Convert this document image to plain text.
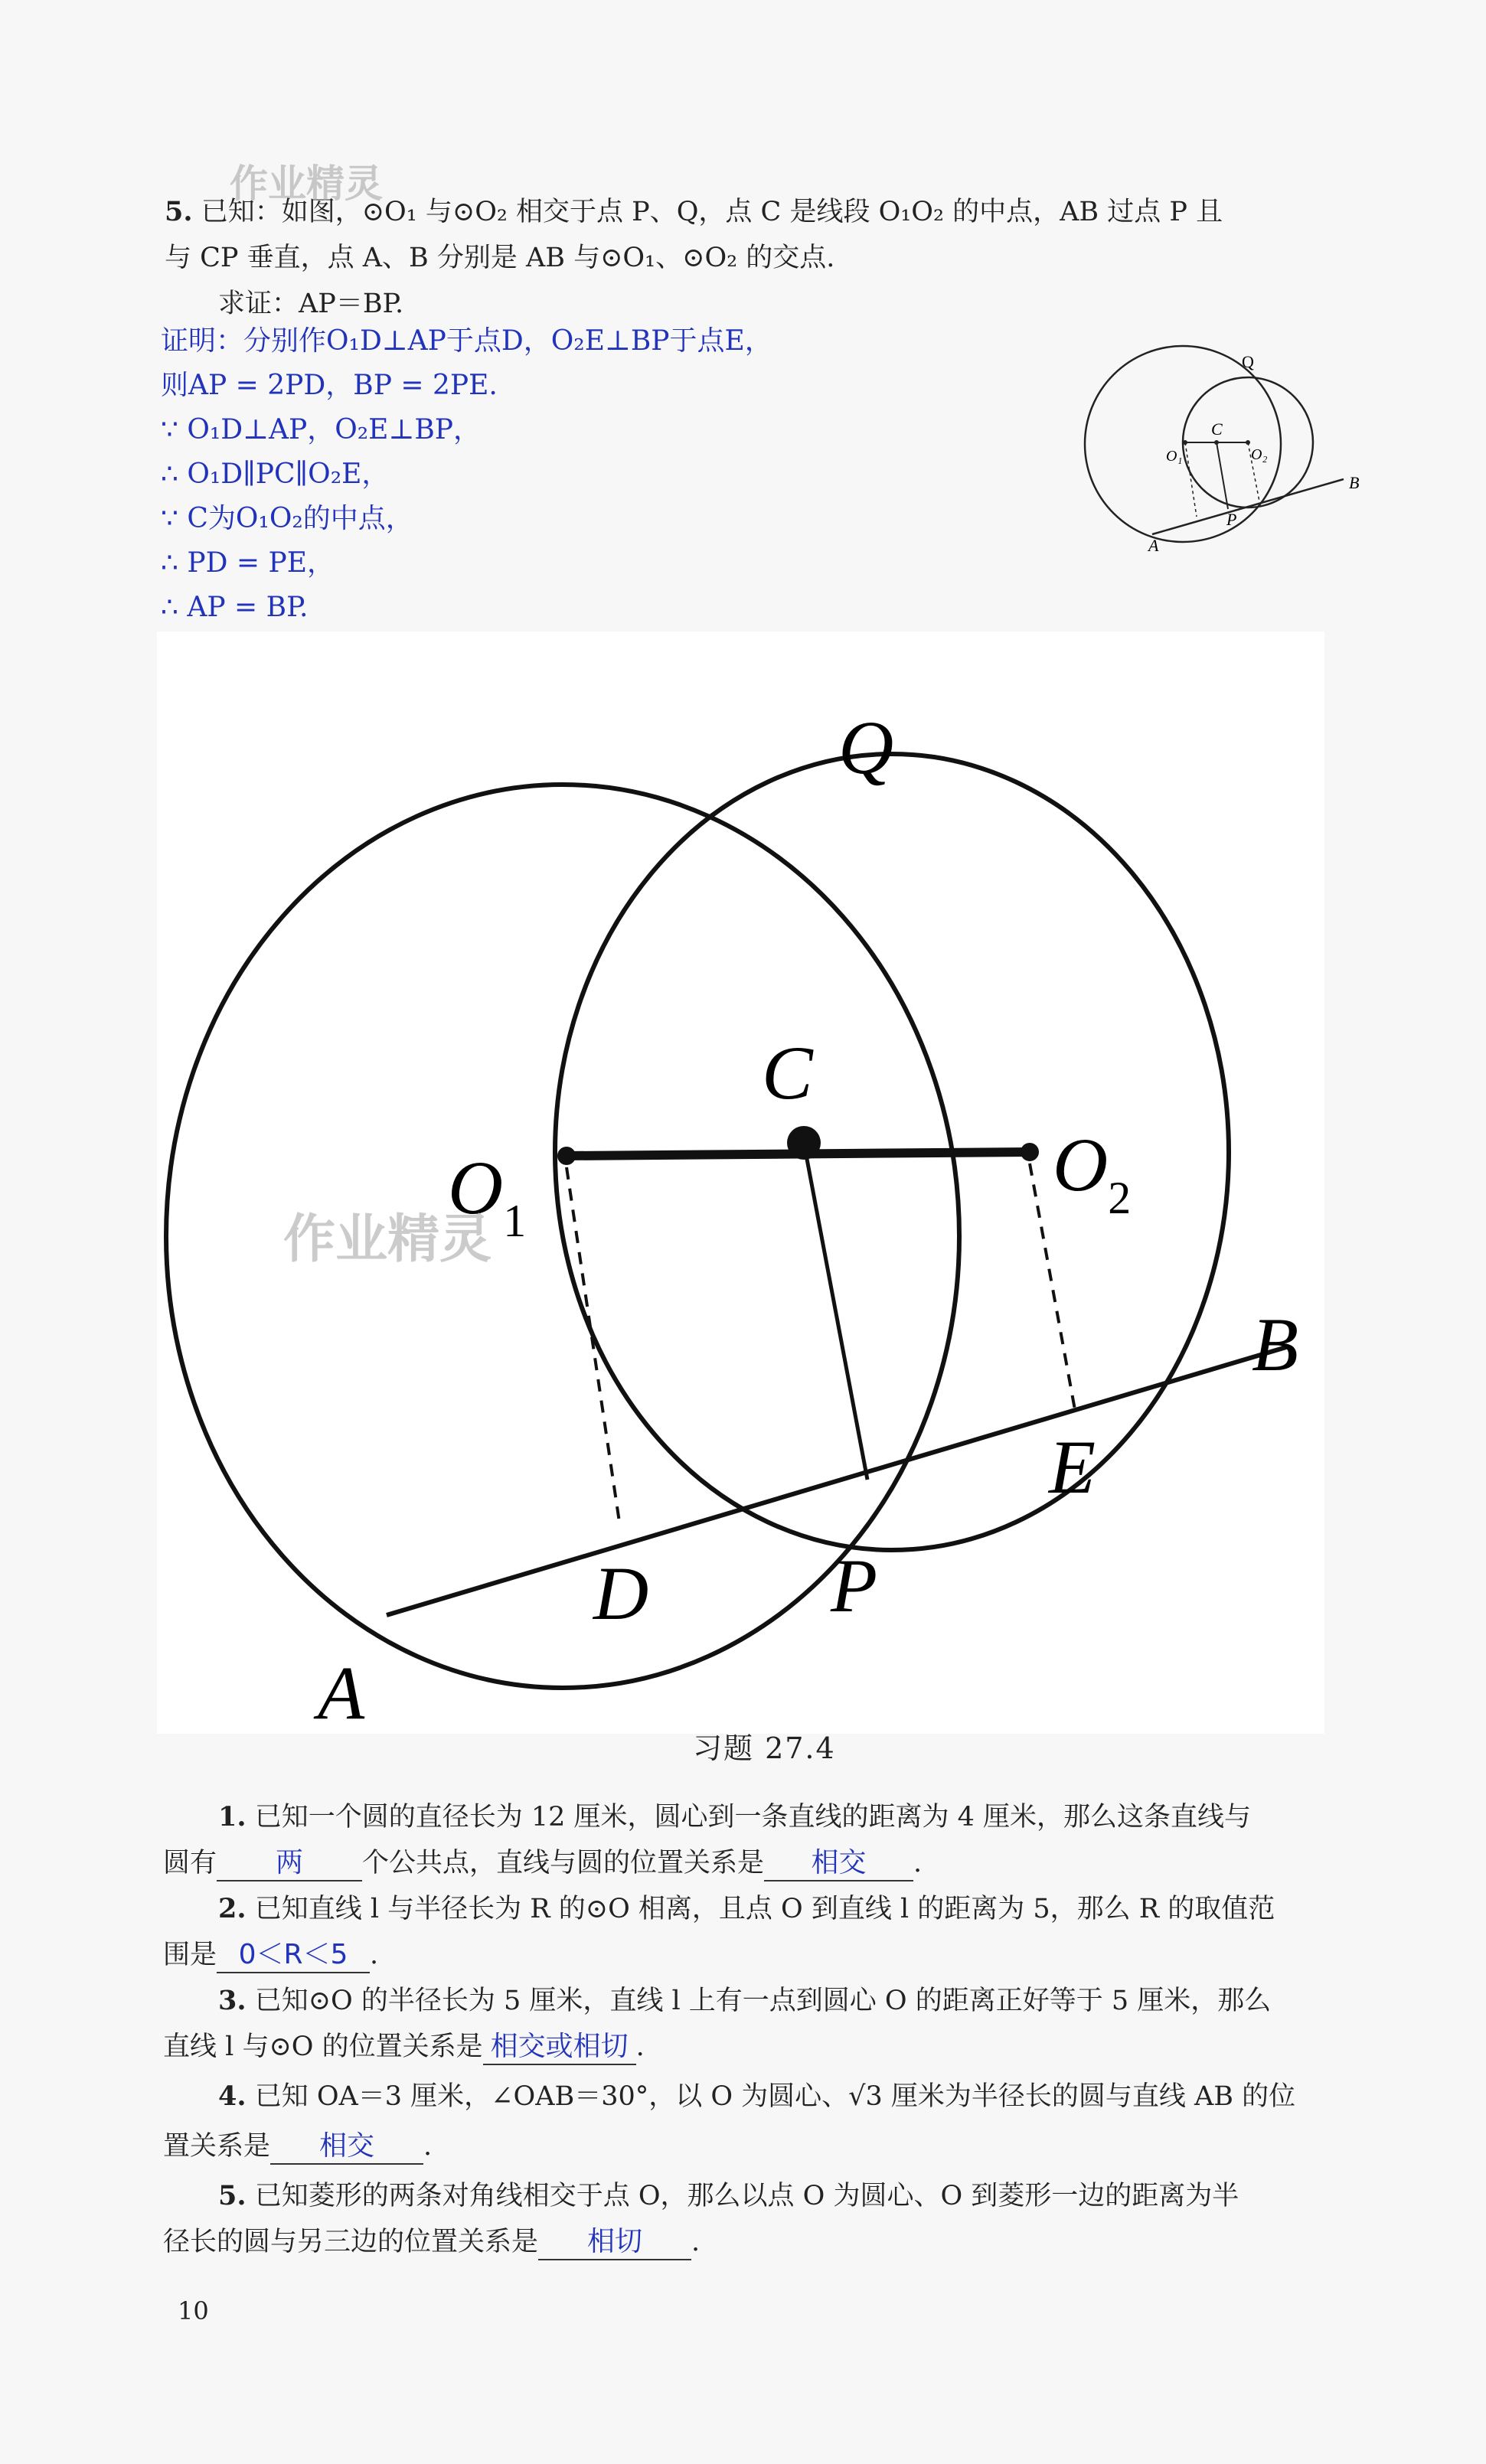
5. 已知：如图，⊙O₁ 与⊙O₂ 相交于点 P、Q，点 C 是线段 O₁O₂ 的中点，AB 过点 P 且
与 CP 垂直，点 A、B 分别是 AB 与⊙O₁、⊙O₂ 的交点.
求证：AP＝BP.
证明：分别作O₁D⊥AP于点D，O₂E⊥BP于点E，
则AP = 2PD，BP = 2PE.
∵ O₁D⊥AP，O₂E⊥BP，
∴ O₁D∥PC∥O₂E，
∵ C为O₁O₂的中点，
∴ PD = PE，
∴ AP = BP.
Q
C
O₁	O₂
B
P
A
Q
C
$O_1$
$O_2$
B
E
D P
A
作业精灵
作业精灵
习题 27.4
1. 已知一个圆的直径长为 12 厘米，圆心到一条直线的距离为 4 厘米，那么这条直线与
圆有 两 个公共点，直线与圆的位置关系是 相交 .
2. 已知直线 l 与半径长为 R 的⊙O 相离，且点 O 到直线 l 的距离为 5，那么 R 的取值范
围是 0＜R＜5 .
3. 已知⊙O 的半径长为 5 厘米，直线 l 上有一点到圆心 O 的距离正好等于 5 厘米，那么
直线 l 与⊙O 的位置关系是 相交或相切 .
4. 已知 OA＝3 厘米，∠OAB＝30°，以 O 为圆心、√3 厘米为半径长的圆与直线 AB 的位
置关系是 相交 .
5. 已知菱形的两条对角线相交于点 O，那么以点 O 为圆心、O 到菱形一边的距离为半
径长的圆与另三边的位置关系是 相切 .
10
